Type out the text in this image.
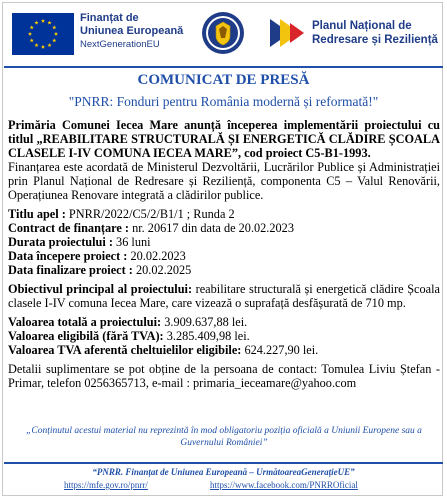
Finanțat de
Uniunea Europeană
NextGenerationEU
Planul Național de
Redresare și Reziliență
COMUNICAT DE PRESĂ
"PNRR: Fonduri pentru România modernă și reformată!"

Primăria Comunei Iecea Mare anunță începerea implementării proiectului cu titlul „REABILITARE STRUCTURALĂ ȘI ENERGETICĂ CLĂDIRE ȘCOALA CLASELE I-IV COMUNA IECEA MARE”, cod proiect C5-B1-1993.

Finanțarea este acordată de Ministerul Dezvoltării, Lucrărilor Publice și Administrației prin Planul Național de Redresare și Reziliență, componenta C5 – Valul Renovării, Operațiunea Renovare integrată a clădirilor publice.

Titlu apel : PNRR/2022/C5/2/B1/1 ; Runda 2

Contract de finanțare : nr. 20617 din data de 20.02.2023

Durata proiectului : 36 luni

Data începere proiect : 20.02.2023

Data finalizare proiect : 20.02.2025

Obiectivul principal al proiectului: reabilitare structurală și energetică clădire Școala clasele I-IV comuna Iecea Mare, care vizează o suprafață desfășurată de 710 mp.

Valoarea totală a proiectului: 3.909.637,88 lei.

Valoarea eligibilă (fără TVA): 3.285.409,98 lei.

Valoarea TVA aferentă cheltuielilor eligibile: 624.227,90 lei.

Detalii suplimentare se pot obține de la persoana de contact: Tomulea Liviu Ștefan - Primar, telefon 0256365713, e-mail : primaria_ieceamare@yahoo.com

„Conținutul acestui material nu reprezintă în mod obligatoriu poziția oficială a Uniunii Europene sau a Guvernului României”
“PNRR. Finanțat de Uniunea Europeană – UrmătoareaGenerațieUE”
https://mfe.gov.ro/pnrr/	https://www.facebook.com/PNRROficial
